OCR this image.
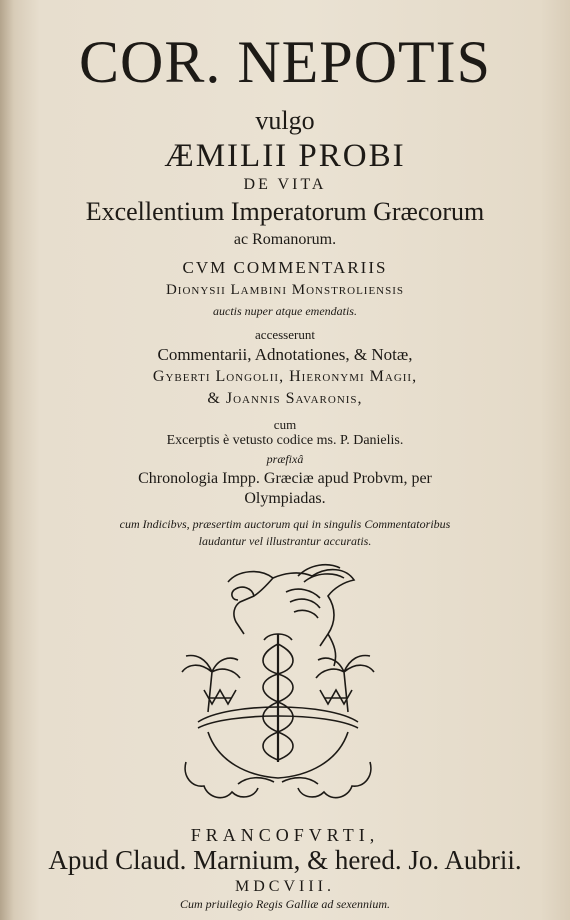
COR. NEPOTIS
vulgo
ÆMILII PROBI
DE VITA
Excellentium Imperatorum Græcorum
ac Romanorum.
CVM COMMENTARIIS
Dionysii Lambini Monstroliensis
auctis nuper atque emendatis.
accesserunt
Commentarii, Adnotationes, & Notæ,
Gyberti Longolii, Hieronymi Magii,
& Joannis Savaronis,
cum
Excerptis è vetusto codice ms. P. Danielis.
præfixâ
Chronologia Impp. Græciæ apud Probvm, per
Olympiadas.
cum Indicibvs, præsertim auctorum qui in singulis Commentatoribus
laudantur vel illustrantur accuratis.
FRANCOFVRTI,
Apud Claud. Marnium, & hered. Jo. Aubrii.
MDCVIII.
Cum priuilegio Regis Galliæ ad sexennium.
